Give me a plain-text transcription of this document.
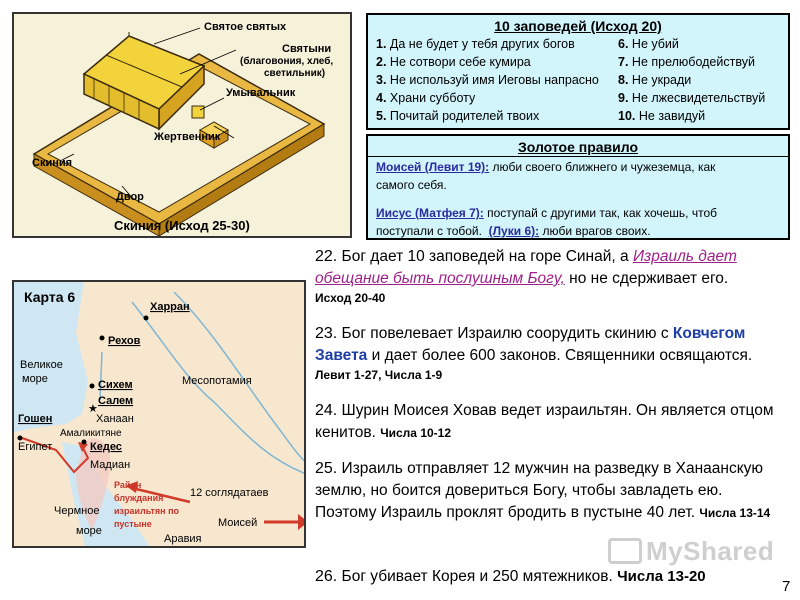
Святое святых
Святыни
(благовония, хлеб,
светильник)
Умывальник
Жертвенник
Скиния
Двор
Скиния (Исход 25-30)
10 заповедей (Исход 20)
1. Да не будет у тебя других богов
2. Не сотвори себе кумира
3. Не используй имя Иеговы напрасно
4. Храни субботу
5. Почитай родителей твоих
6. Не убий
7. Не прелюбодействуй
8. Не укради
9. Не лжесвидетельствуй
10. Не завидуй
Золотое правило
Моисей (Левит 19): люби своего ближнего и чужеземца, как
самого себя.
Иисус (Матфея 7): поступай с другими так, как хочешь, чтоб
поступали с тобой.  (Луки 6): люби врагов своих.
★
Карта 6
Харран
Великое
море
Рехов
Месопотамия
Сихем
Салем
Ханаан
Гошен
Амаликитяне
Египет	Кедес
Мадиан
Чермное
море
Аравия
Район
блуждания
израильтян по
пустыне
12 соглядатаев
Моисей
22. Бог дает 10 заповедей на горе Синай, а Израиль дает обещание быть послушным Богу, но не сдерживает его.
Исход 20-40
23. Бог повелевает Израилю соорудить скинию с Ковчегом Завета и дает более 600 законов. Священники освящаются.
Левит 1-27, Числа 1-9
24. Шурин Моисея Ховав ведет израильтян. Он является отцом кенитов. Числа 10-12
25. Израиль отправляет 12 мужчин на разведку в Ханаанскую землю, но боится довериться Богу, чтобы завладеть ею. Поэтому Израиль проклят бродить в пустыне 40 лет. Числа 13-14
26. Бог убивает Корея и 250 мятежников. Числа 13-20
MyShared
7
